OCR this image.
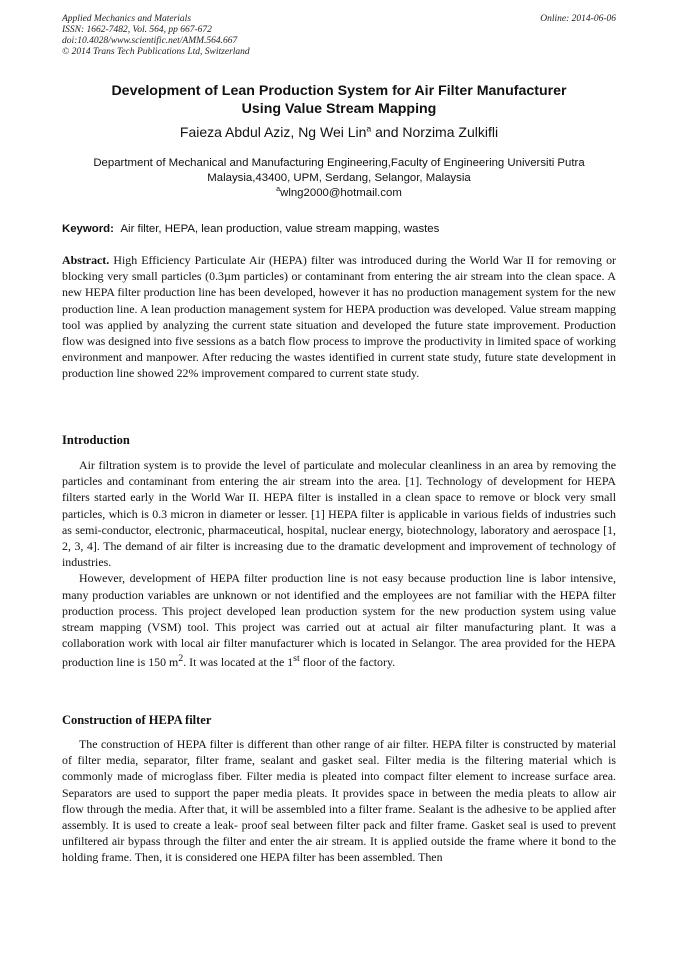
Applied Mechanics and Materials
ISSN: 1662-7482, Vol. 564, pp 667-672
doi:10.4028/www.scientific.net/AMM.564.667
© 2014 Trans Tech Publications Ltd, Switzerland
Online: 2014-06-06
Development of Lean Production System for Air Filter Manufacturer
Using Value Stream Mapping
Faieza Abdul Aziz, Ng Wei Lin$^a$ and Norzima Zulkifli
Department of Mechanical and Manufacturing Engineering,Faculty of Engineering Universiti Putra
Malaysia,43400, UPM, Serdang, Selangor, Malaysia
$^a$wlng2000@hotmail.com
Keyword: Air filter, HEPA, lean production, value stream mapping, wastes

Abstract. High Efficiency Particulate Air (HEPA) filter was introduced during the World War II for removing or blocking very small particles (0.3µm particles) or contaminant from entering the air stream into the clean space. A new HEPA filter production line has been developed, however it has no production management system for the new production line. A lean production management system for HEPA production was developed. Value stream mapping tool was applied by analyzing the current state situation and developed the future state improvement. Production flow was designed into five sessions as a batch flow process to improve the productivity in limited space of working environment and manpower. After reducing the wastes identified in current state study, future state development in production line showed 22% improvement compared to current state study.

Introduction

Air filtration system is to provide the level of particulate and molecular cleanliness in an area by removing the particles and contaminant from entering the air stream into the area. [1]. Technology of development for HEPA filters started early in the World War II. HEPA filter is installed in a clean space to remove or block very small particles, which is 0.3 micron in diameter or lesser. [1] HEPA filter is applicable in various fields of industries such as semi-conductor, electronic, pharmaceutical, hospital, nuclear energy, biotechnology, laboratory and aerospace [1, 2, 3, 4]. The demand of air filter is increasing due to the dramatic development and improvement of technology of industries.

However, development of HEPA filter production line is not easy because production line is labor intensive, many production variables are unknown or not identified and the employees are not familiar with the HEPA filter production process. This project developed lean production system for the new production system using value stream mapping (VSM) tool. This project was carried out at actual air filter manufacturing plant. It was a collaboration work with local air filter manufacturer which is located in Selangor. The area provided for the HEPA production line is 150 $m^2$. It was located at the 1st floor of the factory.

Construction of HEPA filter

The construction of HEPA filter is different than other range of air filter. HEPA filter is constructed by material of filter media, separator, filter frame, sealant and gasket seal. Filter media is the filtering material which is commonly made of microglass fiber. Filter media is pleated into compact filter element to increase surface area. Separators are used to support the paper media pleats. It provides space in between the media pleats to allow air flow through the media. After that, it will be assembled into a filter frame. Sealant is the adhesive to be applied after assembly. It is used to create a leak- proof seal between filter pack and filter frame. Gasket seal is used to prevent unfiltered air bypass through the filter and enter the air stream. It is applied outside the frame where it bond to the holding frame. Then, it is considered one HEPA filter has been assembled. Then
